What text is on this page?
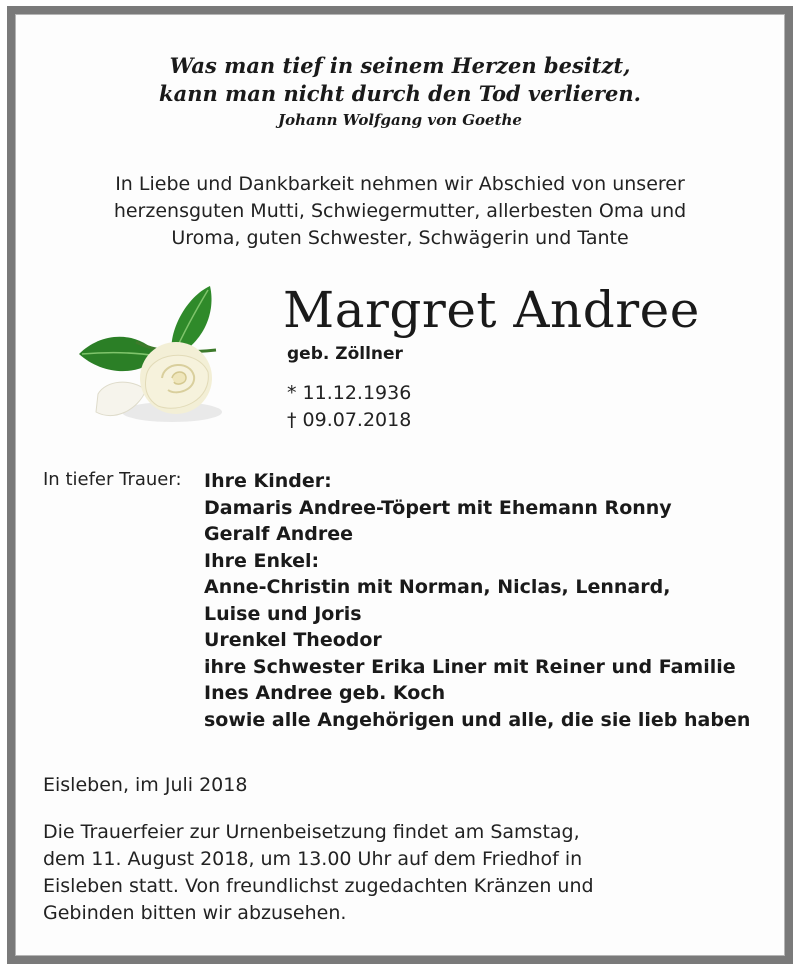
Was man tief in seinem Herzen besitzt,
kann man nicht durch den Tod verlieren.
Johann Wolfgang von Goethe
In Liebe und Dankbarkeit nehmen wir Abschied von unserer
herzensguten Mutti, Schwiegermutter, allerbesten Oma und
Uroma, guten Schwester, Schwägerin und Tante
Margret Andree
geb. Zöllner
* 11.12.1936
† 09.07.2018
In tiefer Trauer: Ihre Kinder:
Damaris Andree-Töpert mit Ehemann Ronny
Geralf Andree
Ihre Enkel:
Anne-Christin mit Norman, Niclas, Lennard,
Luise und Joris
Urenkel Theodor
ihre Schwester Erika Liner mit Reiner und Familie
Ines Andree geb. Koch
sowie alle Angehörigen und alle, die sie lieb haben
Eisleben, im Juli 2018
Die Trauerfeier zur Urnenbeisetzung findet am Samstag,
dem 11. August 2018, um 13.00 Uhr auf dem Friedhof in
Eisleben statt. Von freundlichst zugedachten Kränzen und
Gebinden bitten wir abzusehen.
